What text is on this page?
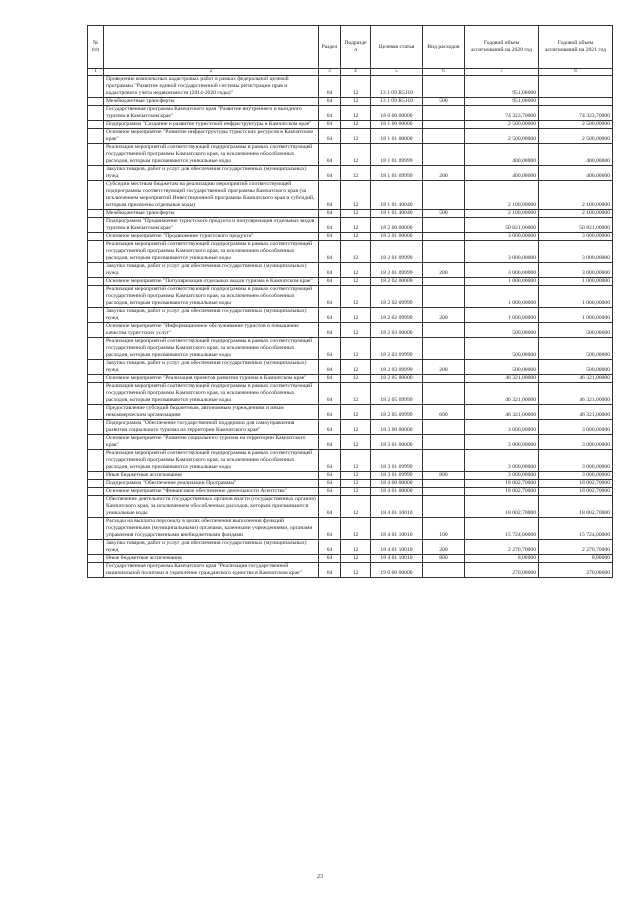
№ п/п		Раздел	Подраздел	Целевая статья	Вид расходов	Годовой объем ассигнований на 2020 год	Годовой объем ассигнований на 2021 год
1	2	3	4	5	6	7	8
	Проведение комплексных кадастровых работ в рамках федеральной целевой программы "Развитие единой государственной системы регистрации прав и кадастрового учета недвижимости (2014-2020 годы)"	04	12	13 1 09 R5110		951,00000	
	Межбюджетные трансферты	04	12	13 1 09 R5110	500	951,00000	
	Государственная программа Камчатского края "Развитие внутреннего и въездного туризма в Камчатском крае"	04	12	18 0 00 00000		74 323,70000	74 323,70000
	Подпрограмма "Создание и развитие туристской инфраструктуры в Камчатском крае"	04	12	18 1 00 00000		2 500,00000	2 500,00000
	Основное мероприятие "Развитие инфраструктуры туристских ресурсов в Камчатском крае"	04	12	18 1 01 00000		2 500,00000	2 500,00000
	Реализация мероприятий соответствующей подпрограммы в рамках соответствующей государственной программы Камчатского края, за исключением обособленных расходов, которым присваиваются уникальные коды	04	12	18 1 01 09999		400,00000	400,00000
	Закупка товаров, работ и услуг для обеспечения государственных (муниципальных) нужд	04	12	18 1 01 09999	200	400,00000	400,00000
	Субсидии местным бюджетам на реализацию мероприятий соответствующей подпрограммы соответствующей государственной программы Камчатского края (за исключением мероприятий Инвестиционной программы Камчатского края и субсидий, которым присвоены отдельные коды)	04	12	18 1 01 40040		2 100,00000	2 100,00000
	Межбюджетные трансферты	04	12	18 1 01 40040	500	2 100,00000	2 100,00000
	Подпрограмма "Продвижение туристского продукта и популяризация отдельных видов туризма в Камчатском крае"	04	12	18 2 00 00000		50 821,00000	50 821,00000
	Основное мероприятие "Продвижение туристского продукта"	04	12	18 2 01 00000		3 000,00000	3 000,00000
	Реализация мероприятий соответствующей подпрограммы в рамках соответствующей государственной программы Камчатского края, за исключением обособленных расходов, которым присваиваются уникальные коды	04	12	18 2 01 09999		3 000,00000	3 000,00000
	Закупка товаров, работ и услуг для обеспечения государственных (муниципальных) нужд	04	12	18 2 01 09999	200	3 000,00000	3 000,00000
	Основное мероприятие "Популяризация отдельных видов туризма в Камчатском крае"	04	12	18 2 02 00000		1 000,00000	1 000,00000
	Реализация мероприятий соответствующей подпрограммы в рамках соответствующей государственной программы Камчатского края, за исключением обособленных расходов, которым присваиваются уникальные коды	04	12	18 2 02 09999		1 000,00000	1 000,00000
	Закупка товаров, работ и услуг для обеспечения государственных (муниципальных) нужд	04	12	18 2 02 09999	200	1 000,00000	1 000,00000
	Основное мероприятие "Информационное обслуживание туристов и повышение качества туристских услуг"	04	12	18 2 03 00000		500,00000	500,00000
	Реализация мероприятий соответствующей подпрограммы в рамках соответствующей государственной программы Камчатского края, за исключением обособленных расходов, которым присваиваются уникальные коды	04	12	18 2 03 09999		500,00000	500,00000
	Закупка товаров, работ и услуг для обеспечения государственных (муниципальных) нужд	04	12	18 2 03 09999	200	500,00000	500,00000
	Основное мероприятие "Реализация проектов развития туризма в Камчатском крае"	04	12	18 2 05 00000		46 321,00000	46 321,00000
	Реализация мероприятий соответствующей подпрограммы в рамках соответствующей государственной программы Камчатского края, за исключением обособленных расходов, которым присваиваются уникальные коды	04	12	18 2 05 09999		46 321,00000	46 321,00000
	Предоставление субсидий бюджетным, автономным учреждениям и иным некоммерческим организациям	04	12	18 2 05 09999	600	46 321,00000	46 321,00000
	Подпрограмма "Обеспечение государственной поддержки для самоуправления развития социального туризма на территории Камчатского края"	04	12	18 3 00 00000		3 000,00000	3 000,00000
	Основное мероприятие "Развитие социального туризма на территории Камчатского края"	04	12	18 3 01 00000		3 000,00000	3 000,00000
	Реализация мероприятий соответствующей подпрограммы в рамках соответствующей государственной программы Камчатского края, за исключением обособленных расходов, которым присваиваются уникальные коды	04	12	18 3 01 09999		3 000,00000	3 000,00000
	Иные бюджетные ассигнования	04	12	18 3 01 09999	800	3 000,00000	3 000,00000
	Подпрограмма "Обеспечение реализации Программы"	04	12	18 4 00 00000		18 002,70000	18 002,70000
	Основное мероприятие "Финансовое обеспечение деятельности Агентства"	04	12	18 4 01 00000		18 002,70000	18 002,70000
	Обеспечение деятельности государственных органов власти (государственных органов) Камчатского края, за исключением обособленных расходов, которым присваиваются уникальные коды	04	12	18 4 01 10010		18 002,70000	18 002,70000
	Расходы на выплаты персоналу в целях обеспечения выполнения функций государственными (муниципальными) органами, казенными учреждениями, органами управления государственными внебюджетными фондами	04	12	18 4 01 10010	100	15 724,00000	15 724,00000
	Закупка товаров, работ и услуг для обеспечения государственных (муниципальных) нужд	04	12	18 4 01 10010	200	2 270,70000	2 270,70000
	Иные бюджетные ассигнования	04	12	18 4 01 10010	800	8,00000	8,00000
	Государственная программа Камчатского края "Реализация государственной национальной политики и укрепление гражданского единства в Камчатском крае"	04	12	19 0 00 00000		270,00000	270,00000
23
